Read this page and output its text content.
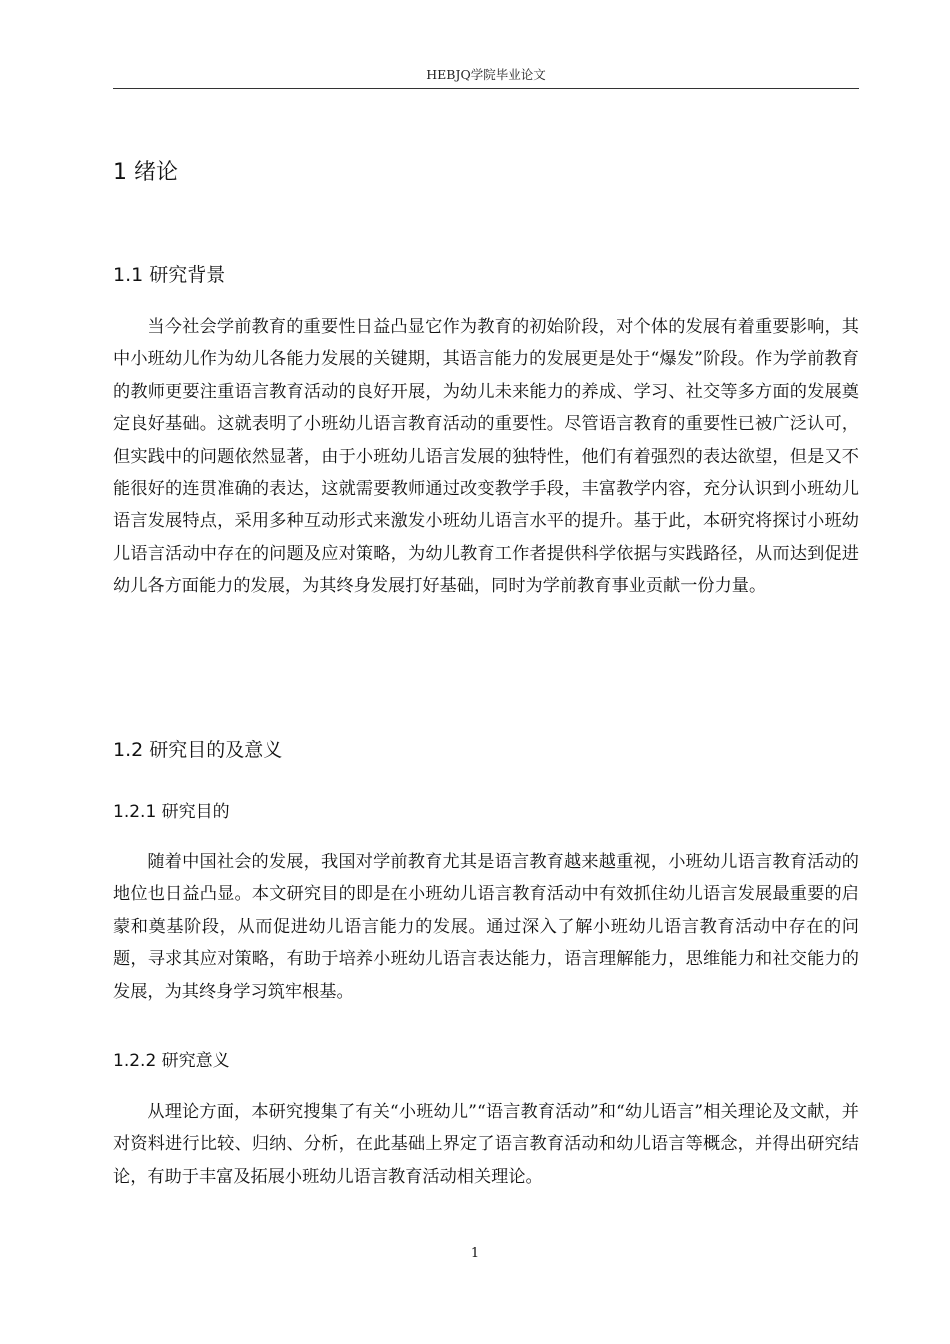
HEBJQ学院毕业论文
1 绪论
1.1 研究背景

当今社会学前教育的重要性日益凸显它作为教育的初始阶段，对个体的发展有着重要影响，其中小班幼儿作为幼儿各能力发展的关键期，其语言能力的发展更是处于“爆发”阶段。作为学前教育的教师更要注重语言教育活动的良好开展，为幼儿未来能力的养成、学习、社交等多方面的发展奠定良好基础。这就表明了小班幼儿语言教育活动的重要性。尽管语言教育的重要性已被广泛认可，但实践中的问题依然显著，由于小班幼儿语言发展的独特性，他们有着强烈的表达欲望，但是又不能很好的连贯准确的表达，这就需要教师通过改变教学手段，丰富教学内容，充分认识到小班幼儿语言发展特点，采用多种互动形式来激发小班幼儿语言水平的提升。基于此，本研究将探讨小班幼儿语言活动中存在的问题及应对策略，为幼儿教育工作者提供科学依据与实践路径，从而达到促进幼儿各方面能力的发展，为其终身发展打好基础，同时为学前教育事业贡献一份力量。

1.2 研究目的及意义
1.2.1 研究目的

随着中国社会的发展，我国对学前教育尤其是语言教育越来越重视，小班幼儿语言教育活动的地位也日益凸显。本文研究目的即是在小班幼儿语言教育活动中有效抓住幼儿语言发展最重要的启蒙和奠基阶段，从而促进幼儿语言能力的发展。通过深入了解小班幼儿语言教育活动中存在的问题，寻求其应对策略，有助于培养小班幼儿语言表达能力，语言理解能力，思维能力和社交能力的发展，为其终身学习筑牢根基。

1.2.2 研究意义

从理论方面，本研究搜集了有关“小班幼儿”“语言教育活动”和“幼儿语言”相关理论及文献，并对资料进行比较、归纳、分析，在此基础上界定了语言教育活动和幼儿语言等概念，并得出研究结论，有助于丰富及拓展小班幼儿语言教育活动相关理论。

1
